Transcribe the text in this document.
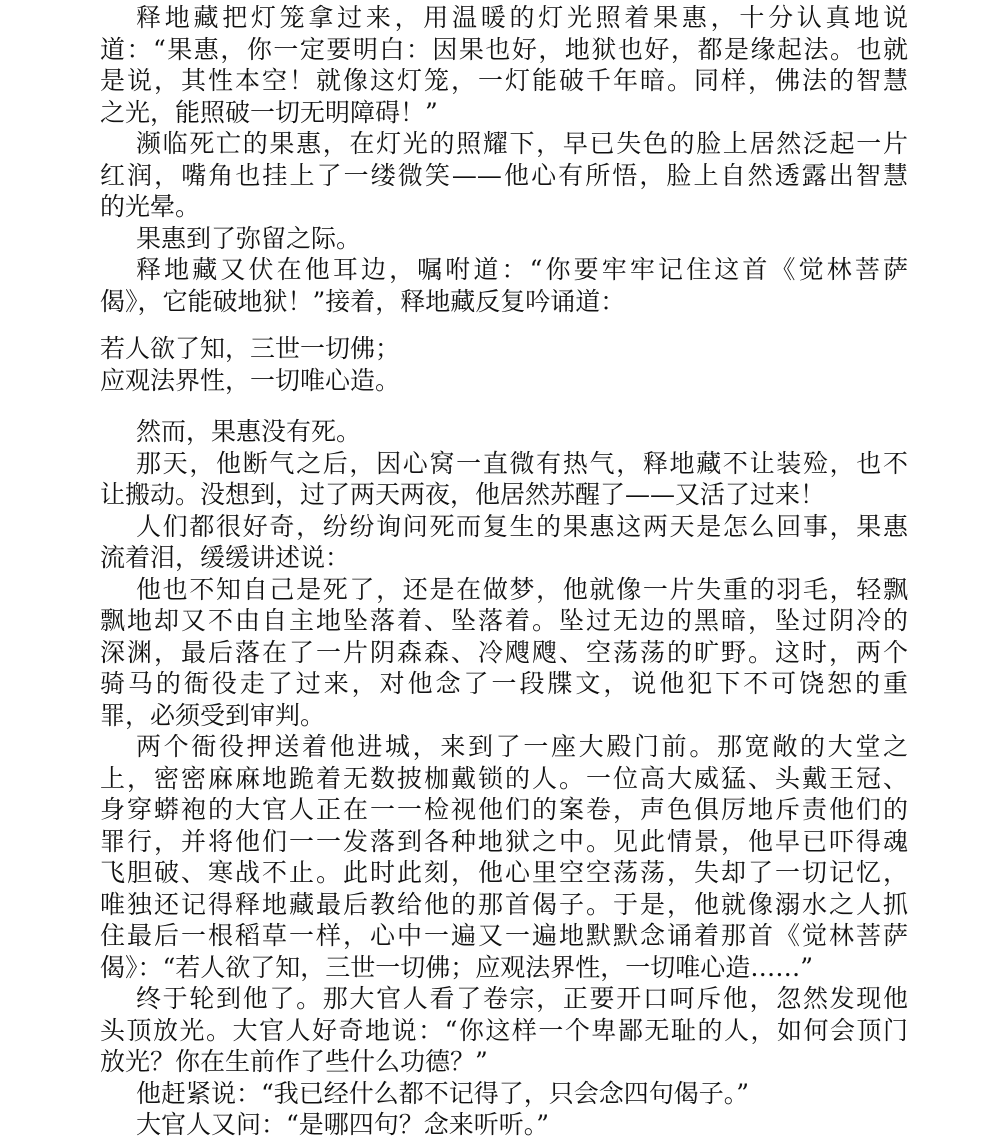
释地藏把灯笼拿过来，用温暖的灯光照着果惠，十分认真地说
道：“果惠，你一定要明白：因果也好，地狱也好，都是缘起法。也就
是说，其性本空！就像这灯笼，一灯能破千年暗。同样，佛法的智慧
之光，能照破一切无明障碍！”
濒临死亡的果惠，在灯光的照耀下，早已失色的脸上居然泛起一片
红润，嘴角也挂上了一缕微笑——他心有所悟，脸上自然透露出智慧
的光晕。
果惠到了弥留之际。
释地藏又伏在他耳边，嘱咐道：“你要牢牢记住这首《觉林菩萨
偈》，它能破地狱！”接着，释地藏反复吟诵道：
若人欲了知，三世一切佛；
应观法界性，一切唯心造。
然而，果惠没有死。
那天，他断气之后，因心窝一直微有热气，释地藏不让装殓，也不
让搬动。没想到，过了两天两夜，他居然苏醒了——又活了过来！
人们都很好奇，纷纷询问死而复生的果惠这两天是怎么回事，果惠
流着泪，缓缓讲述说：
他也不知自己是死了，还是在做梦，他就像一片失重的羽毛，轻飘
飘地却又不由自主地坠落着、坠落着。坠过无边的黑暗，坠过阴冷的
深渊，最后落在了一片阴森森、冷飕飕、空荡荡的旷野。这时，两个
骑马的衙役走了过来，对他念了一段牒文，说他犯下不可饶恕的重
罪，必须受到审判。
两个衙役押送着他进城，来到了一座大殿门前。那宽敞的大堂之
上，密密麻麻地跪着无数披枷戴锁的人。一位高大威猛、头戴王冠、
身穿蟒袍的大官人正在一一检视他们的案卷，声色俱厉地斥责他们的
罪行，并将他们一一发落到各种地狱之中。见此情景，他早已吓得魂
飞胆破、寒战不止。此时此刻，他心里空空荡荡，失却了一切记忆，
唯独还记得释地藏最后教给他的那首偈子。于是，他就像溺水之人抓
住最后一根稻草一样，心中一遍又一遍地默默念诵着那首《觉林菩萨
偈》：“若人欲了知，三世一切佛；应观法界性，一切唯心造……”
终于轮到他了。那大官人看了卷宗，正要开口呵斥他，忽然发现他
头顶放光。大官人好奇地说：“你这样一个卑鄙无耻的人，如何会顶门
放光？你在生前作了些什么功德？”
他赶紧说：“我已经什么都不记得了，只会念四句偈子。”
大官人又问：“是哪四句？念来听听。”
